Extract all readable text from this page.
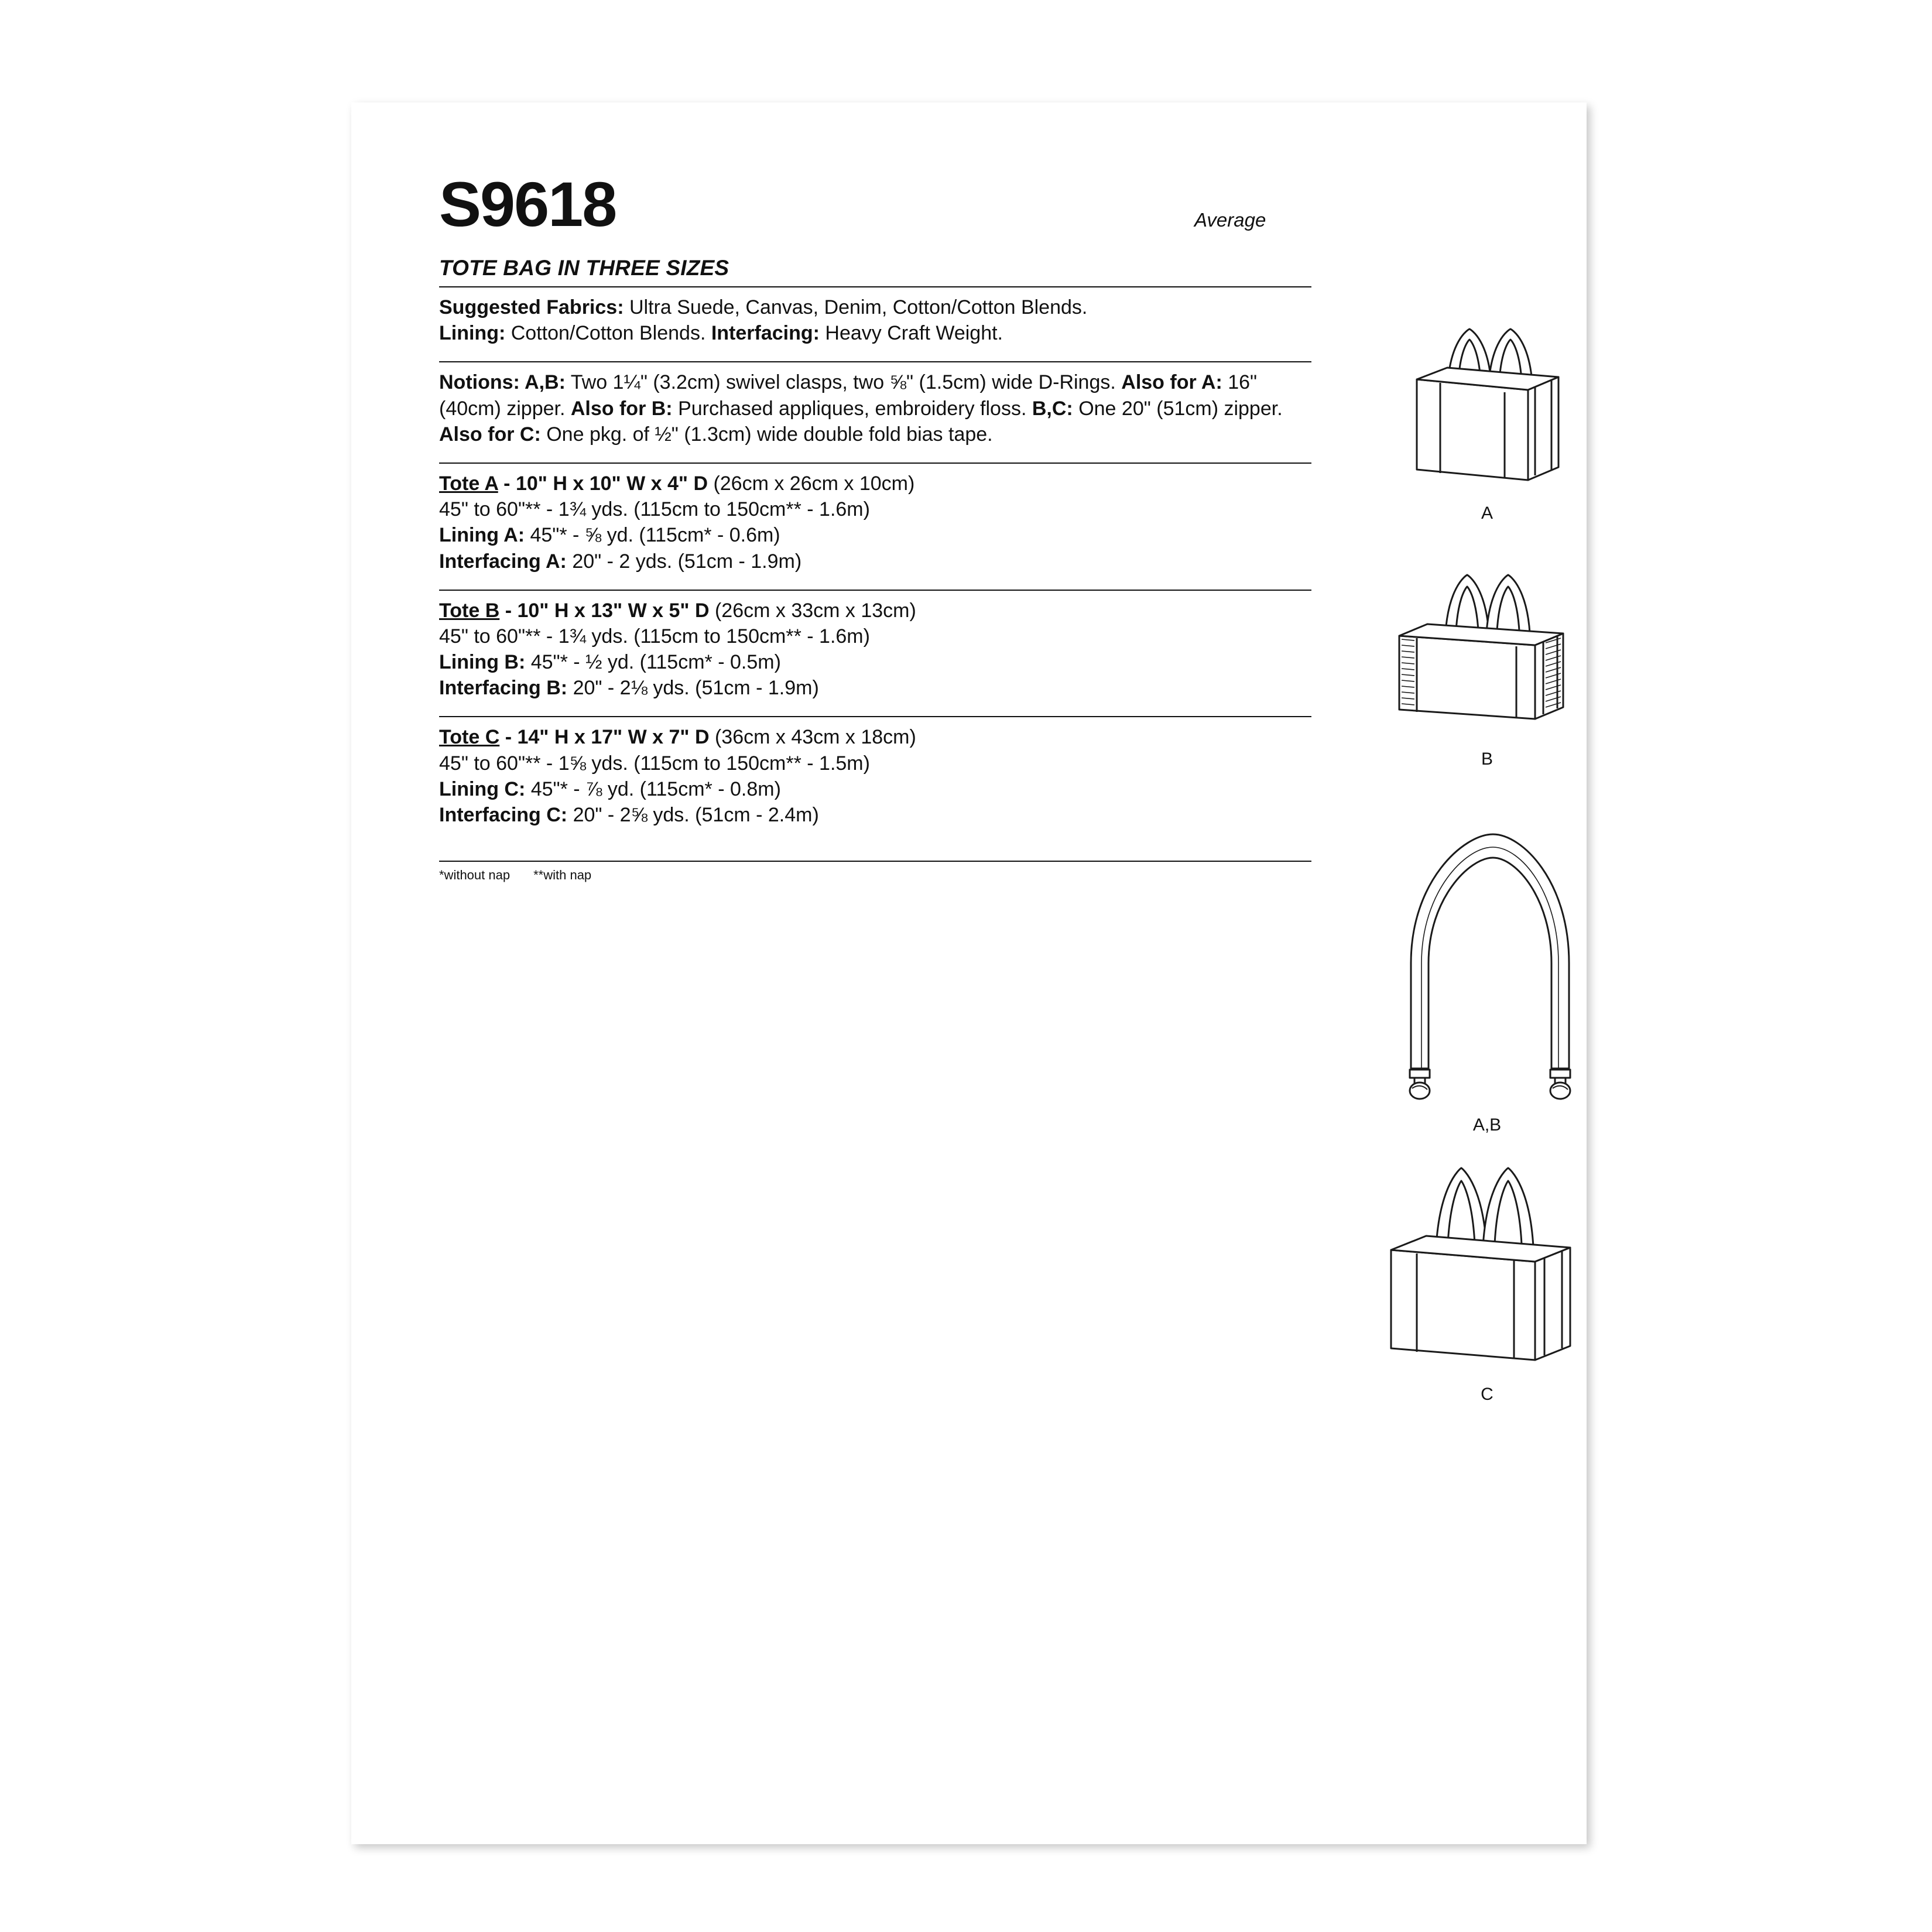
S9618
TOTE BAG IN THREE SIZES
Suggested Fabrics: Ultra Suede, Canvas, Denim, Cotton/Cotton Blends.
Lining: Cotton/Cotton Blends. Interfacing: Heavy Craft Weight.
Notions: A,B: Two 1¼" (3.2cm) swivel clasps, two ⅝" (1.5cm) wide D-Rings. Also for A: 16" (40cm) zipper. Also for B: Purchased appliques, embroidery floss. B,C: One 20" (51cm) zipper. Also for C: One pkg. of ½" (1.3cm) wide double fold bias tape.
Tote A - 10" H x 10" W x 4" D (26cm x 26cm x 10cm)
45" to 60"** - 1¾ yds. (115cm to 150cm** - 1.6m)
Lining A: 45"* - ⅝ yd. (115cm* - 0.6m)
Interfacing A: 20" - 2 yds. (51cm - 1.9m)
Tote B - 10" H x 13" W x 5" D (26cm x 33cm x 13cm)
45" to 60"** - 1¾ yds. (115cm to 150cm** - 1.6m)
Lining B: 45"* - ½ yd. (115cm* - 0.5m)
Interfacing B: 20" - 2⅛ yds. (51cm - 1.9m)
Tote C - 14" H x 17" W x 7" D (36cm x 43cm x 18cm)
45" to 60"** - 1⅝ yds. (115cm to 150cm** - 1.5m)
Lining C: 45"* - ⅞ yd. (115cm* - 0.8m)
Interfacing C: 20" - 2⅝ yds. (51cm - 2.4m)
*without nap **with nap
Average
A
B
A,B
C
